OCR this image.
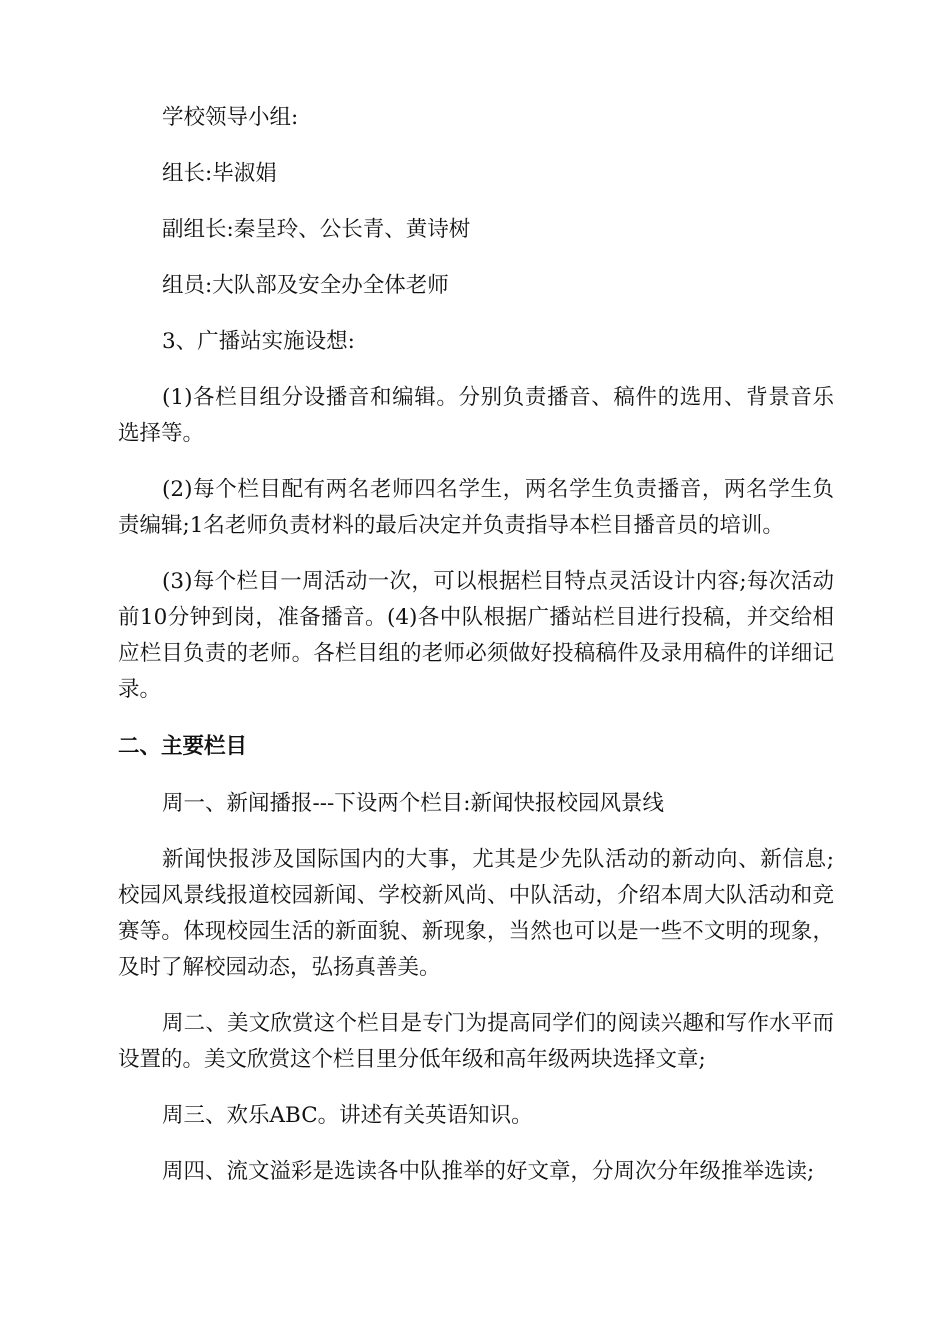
学校领导小组:

组长:毕淑娟

副组长:秦呈玲、公长青、黄诗树

组员:大队部及安全办全体老师

3、广播站实施设想:

(1)各栏目组分设播音和编辑。分别负责播音、稿件的选用、背景音乐选择等。

(2)每个栏目配有两名老师四名学生，两名学生负责播音，两名学生负责编辑;1名老师负责材料的最后决定并负责指导本栏目播音员的培训。

(3)每个栏目一周活动一次，可以根据栏目特点灵活设计内容;每次活动前10分钟到岗，准备播音。(4)各中队根据广播站栏目进行投稿，并交给相应栏目负责的老师。各栏目组的老师必须做好投稿稿件及录用稿件的详细记录。

二、主要栏目

周一、新闻播报---下设两个栏目:新闻快报校园风景线

新闻快报涉及国际国内的大事，尤其是少先队活动的新动向、新信息;校园风景线报道校园新闻、学校新风尚、中队活动，介绍本周大队活动和竞赛等。体现校园生活的新面貌、新现象，当然也可以是一些不文明的现象，及时了解校园动态，弘扬真善美。

周二、美文欣赏这个栏目是专门为提高同学们的阅读兴趣和写作水平而设置的。美文欣赏这个栏目里分低年级和高年级两块选择文章;

周三、欢乐ABC。讲述有关英语知识。

周四、流文溢彩是选读各中队推举的好文章，分周次分年级推举选读;
